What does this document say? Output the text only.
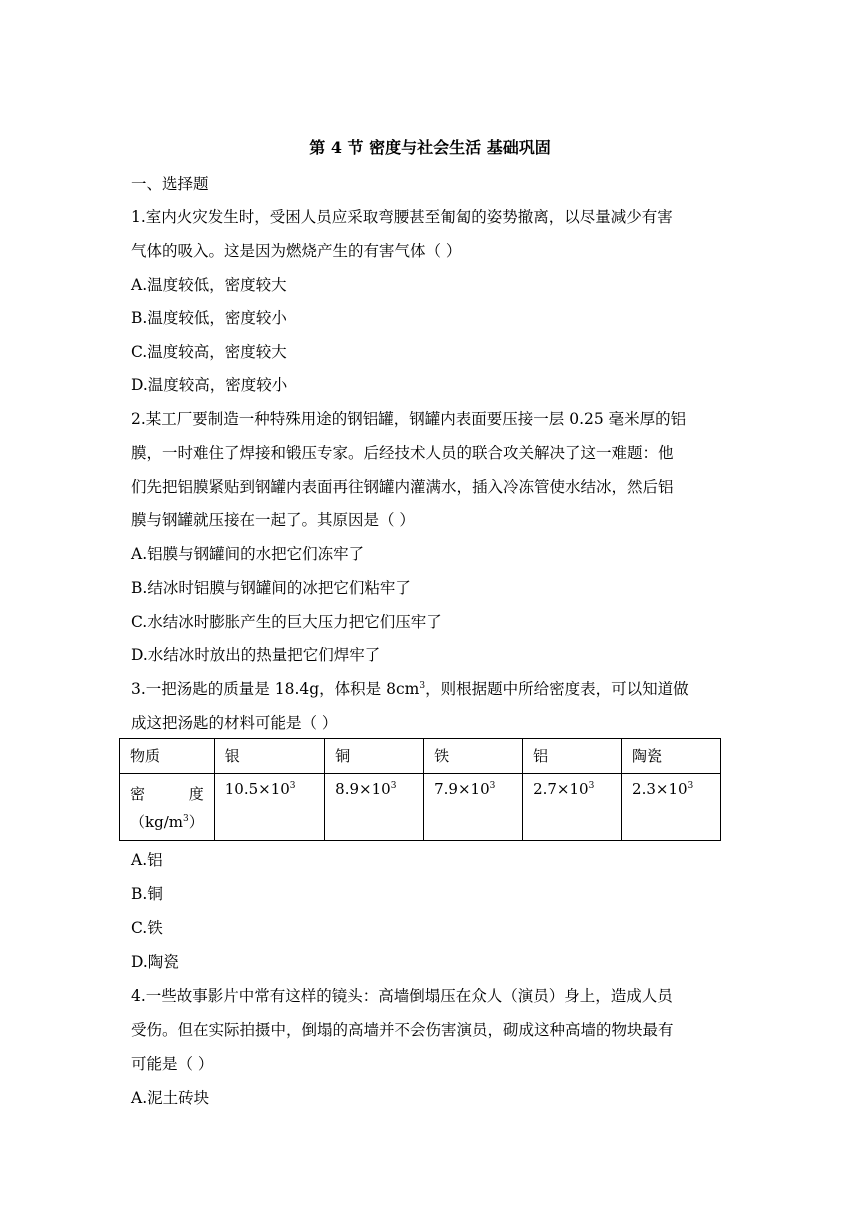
第 4 节 密度与社会生活 基础巩固
一、选择题
1.室内火灾发生时，受困人员应采取弯腰甚至匍匐的姿势撤离，以尽量减少有害
气体的吸入。这是因为燃烧产生的有害气体（ ）
A.温度较低，密度较大
B.温度较低，密度较小
C.温度较高，密度较大
D.温度较高，密度较小
2.某工厂要制造一种特殊用途的钢铝罐，钢罐内表面要压接一层 0.25 毫米厚的铝
膜，一时难住了焊接和锻压专家。后经技术人员的联合攻关解决了这一难题：他
们先把铝膜紧贴到钢罐内表面再往钢罐内灌满水，插入冷冻管使水结冰，然后铝
膜与钢罐就压接在一起了。其原因是（ ）
A.铝膜与钢罐间的水把它们冻牢了
B.结冰时铝膜与钢罐间的冰把它们粘牢了
C.水结冰时膨胀产生的巨大压力把它们压牢了
D.水结冰时放出的热量把它们焊牢了
3.一把汤匙的质量是 18.4g，体积是 $8cm^3$，则根据题中所给密度表，可以知道做
成这把汤匙的材料可能是（ ）
物质	银	铜	铁	铝	陶瓷

密 度
$(kg/m^3)$	$10.5\times 10^3$	$8.9\times 10^3$	$7.9\times 10^3$	$2.7\times 10^3$	$2.3\times 10^3$
A.铝
B.铜
C.铁
D.陶瓷
4.一些故事影片中常有这样的镜头：高墙倒塌压在众人（演员）身上，造成人员
受伤。但在实际拍摄中，倒塌的高墙并不会伤害演员，砌成这种高墙的物块最有
可能是（ ）
A.泥土砖块
